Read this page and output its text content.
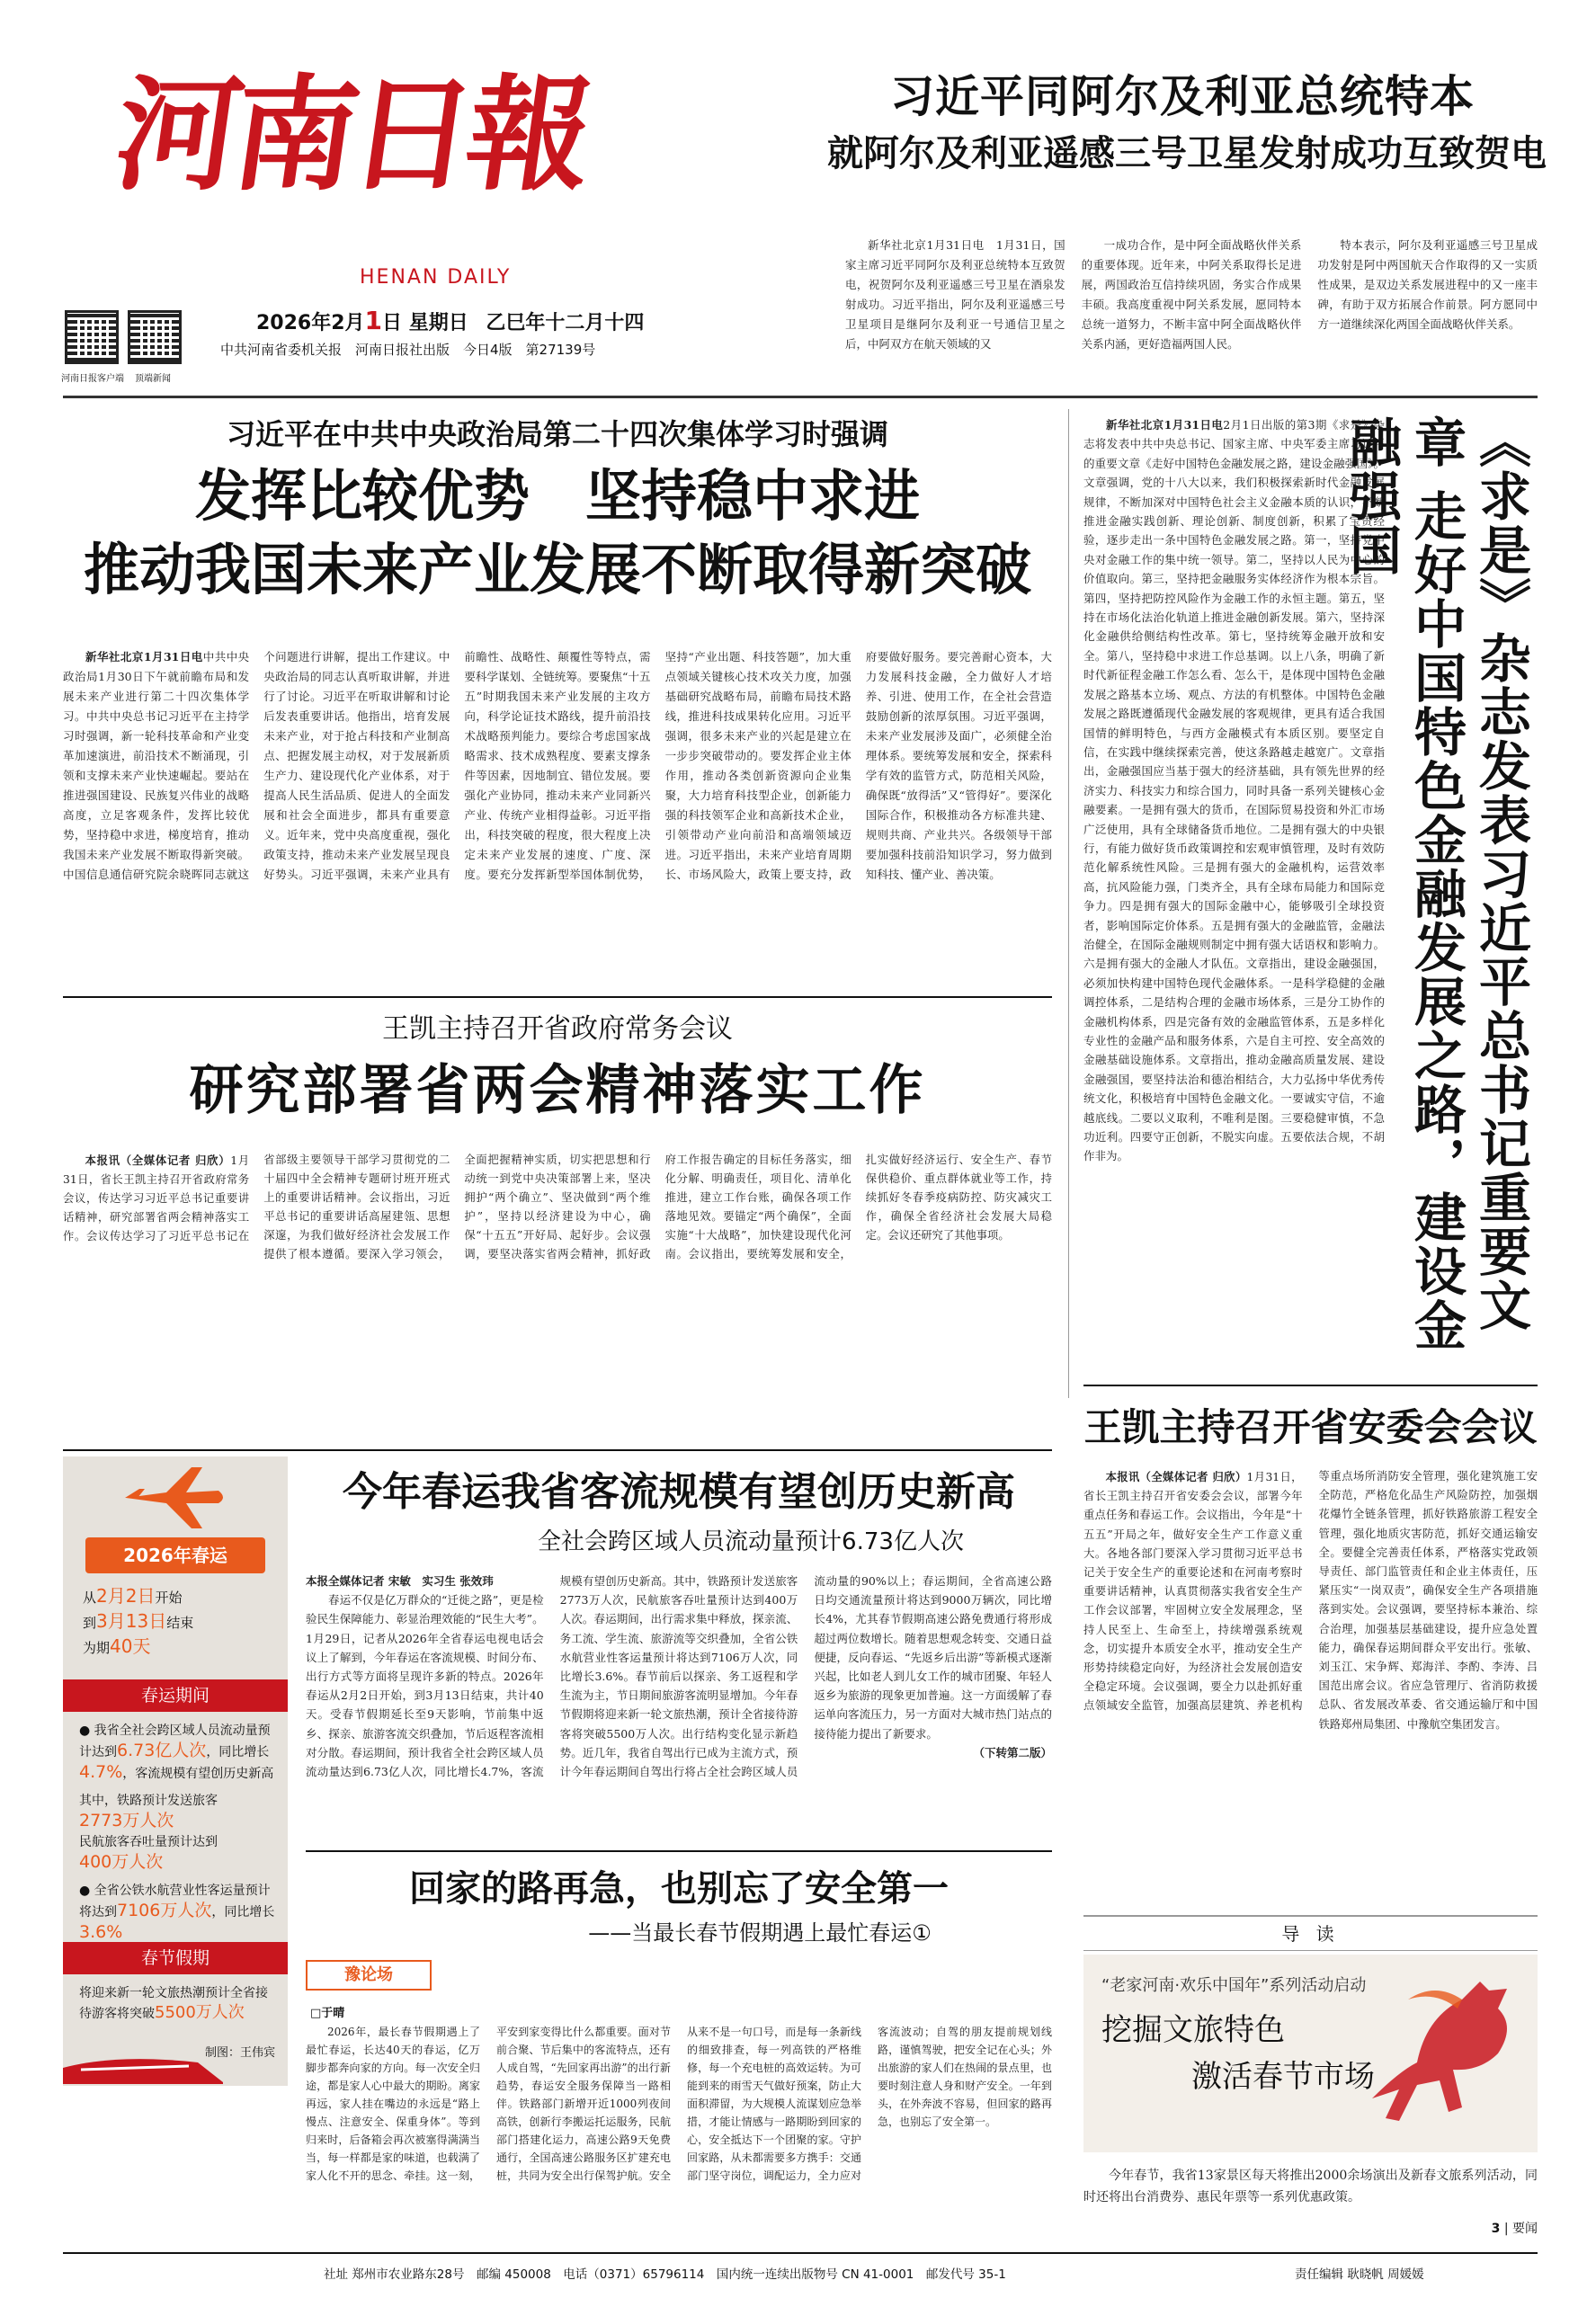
河南日報
HENAN DAILY
河南日报客户端 顶端新闻
2026年2月1日 星期日 乙巳年十二月十四
中共河南省委机关报　河南日报社出版　今日4版　第27139号
习近平同阿尔及利亚总统特本
就阿尔及利亚遥感三号卫星发射成功互致贺电

新华社北京1月31日电　1月31日，国家主席习近平同阿尔及利亚总统特本互致贺电，祝贺阿尔及利亚遥感三号卫星在酒泉发射成功。习近平指出，阿尔及利亚遥感三号卫星项目是继阿尔及利亚一号通信卫星之后，中阿双方在航天领域的又

一成功合作，是中阿全面战略伙伴关系的重要体现。近年来，中阿关系取得长足进展，两国政治互信持续巩固，务实合作成果丰硕。我高度重视中阿关系发展，愿同特本总统一道努力，不断丰富中阿全面战略伙伴关系内涵，更好造福两国人民。

特本表示，阿尔及利亚遥感三号卫星成功发射是阿中两国航天合作取得的又一实质性成果，是双边关系发展进程中的又一座丰碑，有助于双方拓展合作前景。阿方愿同中方一道继续深化两国全面战略伙伴关系。

习近平在中共中央政治局第二十四次集体学习时强调
发挥比较优势　坚持稳中求进
推动我国未来产业发展不断取得新突破

新华社北京1月31日电中共中央政治局1月30日下午就前瞻布局和发展未来产业进行第二十四次集体学习。中共中央总书记习近平在主持学习时强调，新一轮科技革命和产业变革加速演进，前沿技术不断涌现，引领和支撑未来产业快速崛起。要站在推进强国建设、民族复兴伟业的战略高度，立足客观条件，发挥比较优势，坚持稳中求进，梯度培育，推动我国未来产业发展不断取得新突破。中国信息通信研究院余晓晖同志就这个问题进行讲解，提出工作建议。中央政治局的同志认真听取讲解，并进行了讨论。习近平在听取讲解和讨论后发表重要讲话。他指出，培育发展未来产业，对于抢占科技和产业制高点、把握发展主动权，对于发展新质生产力、建设现代化产业体系，对于提高人民生活品质、促进人的全面发展和社会全面进步，都具有重要意义。近年来，党中央高度重视，强化政策支持，推动未来产业发展呈现良好势头。习近平强调，未来产业具有前瞻性、战略性、颠覆性等特点，需要科学谋划、全链统筹。要聚焦“十五五”时期我国未来产业发展的主攻方向，科学论证技术路线，提升前沿技术战略预判能力。要综合考虑国家战略需求、技术成熟程度、要素支撑条件等因素，因地制宜、错位发展。要强化产业协同，推动未来产业同新兴产业、传统产业相得益彰。习近平指出，科技突破的程度，很大程度上决定未来产业发展的速度、广度、深度。要充分发挥新型举国体制优势，坚持“产业出题、科技答题”，加大重点领域关键核心技术攻关力度，加强基础研究战略布局，前瞻布局技术路线，推进科技成果转化应用。习近平强调，很多未来产业的兴起是建立在一步步突破带动的。要发挥企业主体作用，推动各类创新资源向企业集聚，大力培育科技型企业，创新能力强的科技领军企业和高新技术企业，引领带动产业向前沿和高端领域迈进。习近平指出，未来产业培育周期长、市场风险大，政策上要支持，政府要做好服务。要完善耐心资本，大力发展科技金融，全力做好人才培养、引进、使用工作，在全社会营造鼓励创新的浓厚氛围。习近平强调，未来产业发展涉及面广，必须健全治理体系。要统筹发展和安全，探索科学有效的监管方式，防范相关风险，确保既“放得活”又“管得好”。要深化国际合作，积极推动各方标准共建、规则共商、产业共兴。各级领导干部要加强科技前沿知识学习，努力做到知科技、懂产业、善决策。

新华社北京1月31日电2月1日出版的第3期《求是》杂志将发表中共中央总书记、国家主席、中央军委主席习近平的重要文章《走好中国特色金融发展之路，建设金融强国》。文章强调，党的十八大以来，我们积极探索新时代金融发展规律，不断加深对中国特色社会主义金融本质的认识，不断推进金融实践创新、理论创新、制度创新，积累了宝贵经验，逐步走出一条中国特色金融发展之路。第一，坚持党中央对金融工作的集中统一领导。第二，坚持以人民为中心的价值取向。第三，坚持把金融服务实体经济作为根本宗旨。第四，坚持把防控风险作为金融工作的永恒主题。第五，坚持在市场化法治化轨道上推进金融创新发展。第六，坚持深化金融供给侧结构性改革。第七，坚持统筹金融开放和安全。第八，坚持稳中求进工作总基调。以上八条，明确了新时代新征程金融工作怎么看、怎么干，是体现中国特色金融发展之路基本立场、观点、方法的有机整体。中国特色金融发展之路既遵循现代金融发展的客观规律，更具有适合我国国情的鲜明特色，与西方金融模式有本质区别。要坚定自信，在实践中继续探索完善，使这条路越走越宽广。文章指出，金融强国应当基于强大的经济基础，具有领先世界的经济实力、科技实力和综合国力，同时具备一系列关键核心金融要素。一是拥有强大的货币，在国际贸易投资和外汇市场广泛使用，具有全球储备货币地位。二是拥有强大的中央银行，有能力做好货币政策调控和宏观审慎管理，及时有效防范化解系统性风险。三是拥有强大的金融机构，运营效率高，抗风险能力强，门类齐全，具有全球布局能力和国际竞争力。四是拥有强大的国际金融中心，能够吸引全球投资者，影响国际定价体系。五是拥有强大的金融监管，金融法治健全，在国际金融规则制定中拥有强大话语权和影响力。六是拥有强大的金融人才队伍。文章指出，建设金融强国，必须加快构建中国特色现代金融体系。一是科学稳健的金融调控体系，二是结构合理的金融市场体系，三是分工协作的金融机构体系，四是完备有效的金融监管体系，五是多样化专业性的金融产品和服务体系，六是自主可控、安全高效的金融基础设施体系。文章指出，推动金融高质量发展、建设金融强国，要坚持法治和德治相结合，大力弘扬中华优秀传统文化，积极培育中国特色金融文化。一要诚实守信，不逾越底线。二要以义取利，不唯利是图。三要稳健审慎，不急功近利。四要守正创新，不脱实向虚。五要依法合规，不胡作非为。	《求是》杂志发表习近平总书记重要文章 走好中国特色金融发展之路，建设金融强国
王凯主持召开省政府常务会议
研究部署省两会精神落实工作

本报讯（全媒体记者 归欣）1月31日，省长王凯主持召开省政府常务会议，传达学习习近平总书记重要讲话精神，研究部署省两会精神落实工作。会议传达学习了习近平总书记在省部级主要领导干部学习贯彻党的二十届四中全会精神专题研讨班开班式上的重要讲话精神。会议指出，习近平总书记的重要讲话高屋建瓴、思想深邃，为我们做好经济社会发展工作提供了根本遵循。要深入学习领会，全面把握精神实质，切实把思想和行动统一到党中央决策部署上来，坚决拥护“两个确立”、坚决做到“两个维护”，坚持以经济建设为中心，确保“十五五”开好局、起好步。会议强调，要坚决落实省两会精神，抓好政府工作报告确定的目标任务落实，细化分解、明确责任，项目化、清单化推进，建立工作台账，确保各项工作落地见效。要锚定“两个确保”，全面实施“十大战略”，加快建设现代化河南。会议指出，要统筹发展和安全，扎实做好经济运行、安全生产、春节保供稳价、重点群体就业等工作，持续抓好冬春季疫病防控、防灾减灾工作，确保全省经济社会发展大局稳定。会议还研究了其他事项。

王凯主持召开省安委会会议

本报讯（全媒体记者 归欣）1月31日，省长王凯主持召开省安委会会议，部署今年重点任务和春运工作。会议指出，今年是“十五五”开局之年，做好安全生产工作意义重大。各地各部门要深入学习贯彻习近平总书记关于安全生产的重要论述和在河南考察时重要讲话精神，认真贯彻落实我省安全生产工作会议部署，牢固树立安全发展理念，坚持人民至上、生命至上，持续增强系统观念，切实提升本质安全水平，推动安全生产形势持续稳定向好，为经济社会发展创造安全稳定环境。会议强调，要全力以赴抓好重点领域安全监管，加强高层建筑、养老机构等重点场所消防安全管理，强化建筑施工安全防范，严格危化品生产风险防控，加强烟花爆竹全链条管理，抓好铁路旅游工程安全管理，强化地质灾害防范，抓好交通运输安全。要健全完善责任体系，严格落实党政领导责任、部门监管责任和企业主体责任，压紧压实“一岗双责”，确保安全生产各项措施落到实处。会议强调，要坚持标本兼治、综合治理，加强基层基础建设，提升应急处置能力，确保春运期间群众平安出行。张敏、刘玉江、宋争辉、郑海洋、李酌、李涛、吕国范出席会议。省应急管理厅、省消防救援总队、省发展改革委、省交通运输厅和中国铁路郑州局集团、中豫航空集团发言。

2026年春运
从2月2日开始
到3月13日结束
为期40天
春运期间
● 我省全社会跨区域人员流动量预计达到6.73亿人次，同比增长4.7%，客流规模有望创历史新高
其中，铁路预计发送旅客
2773万人次
民航旅客吞吐量预计达到
400万人次
● 全省公铁水航营业性客运量预计将达到7106万人次，同比增长3.6%
春节假期
将迎来新一轮文旅热潮预计全省接待游客将突破5500万人次
制图：王伟宾
今年春运我省客流规模有望创历史新高
全社会跨区域人员流动量预计6.73亿人次

本报全媒体记者 宋敏　实习生 张效玮

春运不仅是亿万群众的“迁徙之路”，更是检验民生保障能力、彰显治理效能的“民生大考”。1月29日，记者从2026年全省春运电视电话会议上了解到，今年春运在客流规模、时间分布、出行方式等方面将呈现许多新的特点。2026年春运从2月2日开始，到3月13日结束，共计40天。受春节假期延长至9天影响，节前集中返乡、探亲、旅游客流交织叠加，节后返程客流相对分散。春运期间，预计我省全社会跨区域人员流动量达到6.73亿人次，同比增长4.7%，客流规模有望创历史新高。其中，铁路预计发送旅客2773万人次，民航旅客吞吐量预计达到400万人次。春运期间，出行需求集中释放，探亲流、务工流、学生流、旅游流等交织叠加，全省公铁水航营业性客运量预计将达到7106万人次，同比增长3.6%。春节前后以探亲、务工返程和学生流为主，节日期间旅游客流明显增加。今年春节假期将迎来新一轮文旅热潮，预计全省接待游客将突破5500万人次。出行结构变化显示新趋势。近几年，我省自驾出行已成为主流方式，预计今年春运期间自驾出行将占全社会跨区域人员流动量的90%以上；春运期间，全省高速公路日均交通流量预计将达到9000万辆次，同比增长4%，尤其春节假期高速公路免费通行将形成超过两位数增长。随着思想观念转变、交通日益便捷，反向春运、“先返乡后出游”等新模式逐渐兴起，比如老人到儿女工作的城市团聚、年轻人返乡为旅游的现象更加普遍。这一方面缓解了春运单向客流压力，另一方面对大城市热门站点的接待能力提出了新要求。

（下转第二版）

回家的路再急，也别忘了安全第一
——当最长春节假期遇上最忙春运①
豫论场
□于晴

2026年，最长春节假期遇上了最忙春运，长达40天的春运，亿万脚步都奔向家的方向。每一次安全归途，都是家人心中最大的期盼。离家再远，家人挂在嘴边的永远是“路上慢点、注意安全、保重身体”。等到归来时，后备箱会再次被塞得满满当当，每一样都是家的味道，也载满了家人化不开的思念、牵挂。这一刻，平安到家变得比什么都重要。面对节前合聚、节后集中的客流特点，还有人成自驾，“先回家再出游”的出行新趋势，春运安全服务保障当一路相伴。铁路部门新增开近1000列夜间高铁，创新行李搬运托运服务，民航部门搭建化运力，高速公路9天免费通行，全国高速公路服务区扩建充电桩，共同为安全出行保驾护航。安全从来不是一句口号，而是每一条新线的细致排查，每一列高铁的严格维修，每一个充电桩的高效运转。为可能到来的雨雪天气做好预案，防止大面积滞留，为大规模人流谋划应急举措，才能让情感与一路期盼到回家的心，安全抵达下一个团聚的家。守护回家路，从未都需要多方携手：交通部门坚守岗位，调配运力，全力应对客流波动；自驾的朋友提前规划线路，谨慎驾驶，把安全记在心头；外出旅游的家人们在热闹的景点里，也要时刻注意人身和财产安全。一年到头，在外奔波不容易，但回家的路再急，也别忘了安全第一。

导 读
“老家河南·欢乐中国年”系列活动启动
挖掘文旅特色
激活春节市场
今年春节，我省13家景区每天将推出2000余场演出及新春文旅系列活动，同时还将出台消费券、惠民年票等一系列优惠政策。
3 | 要闻
社址 郑州市农业路东28号　邮编 450008　电话（0371）65796114　国内统一连续出版物号 CN 41-0001　邮发代号 35-1	责任编辑 耿晓帆 周媛媛
